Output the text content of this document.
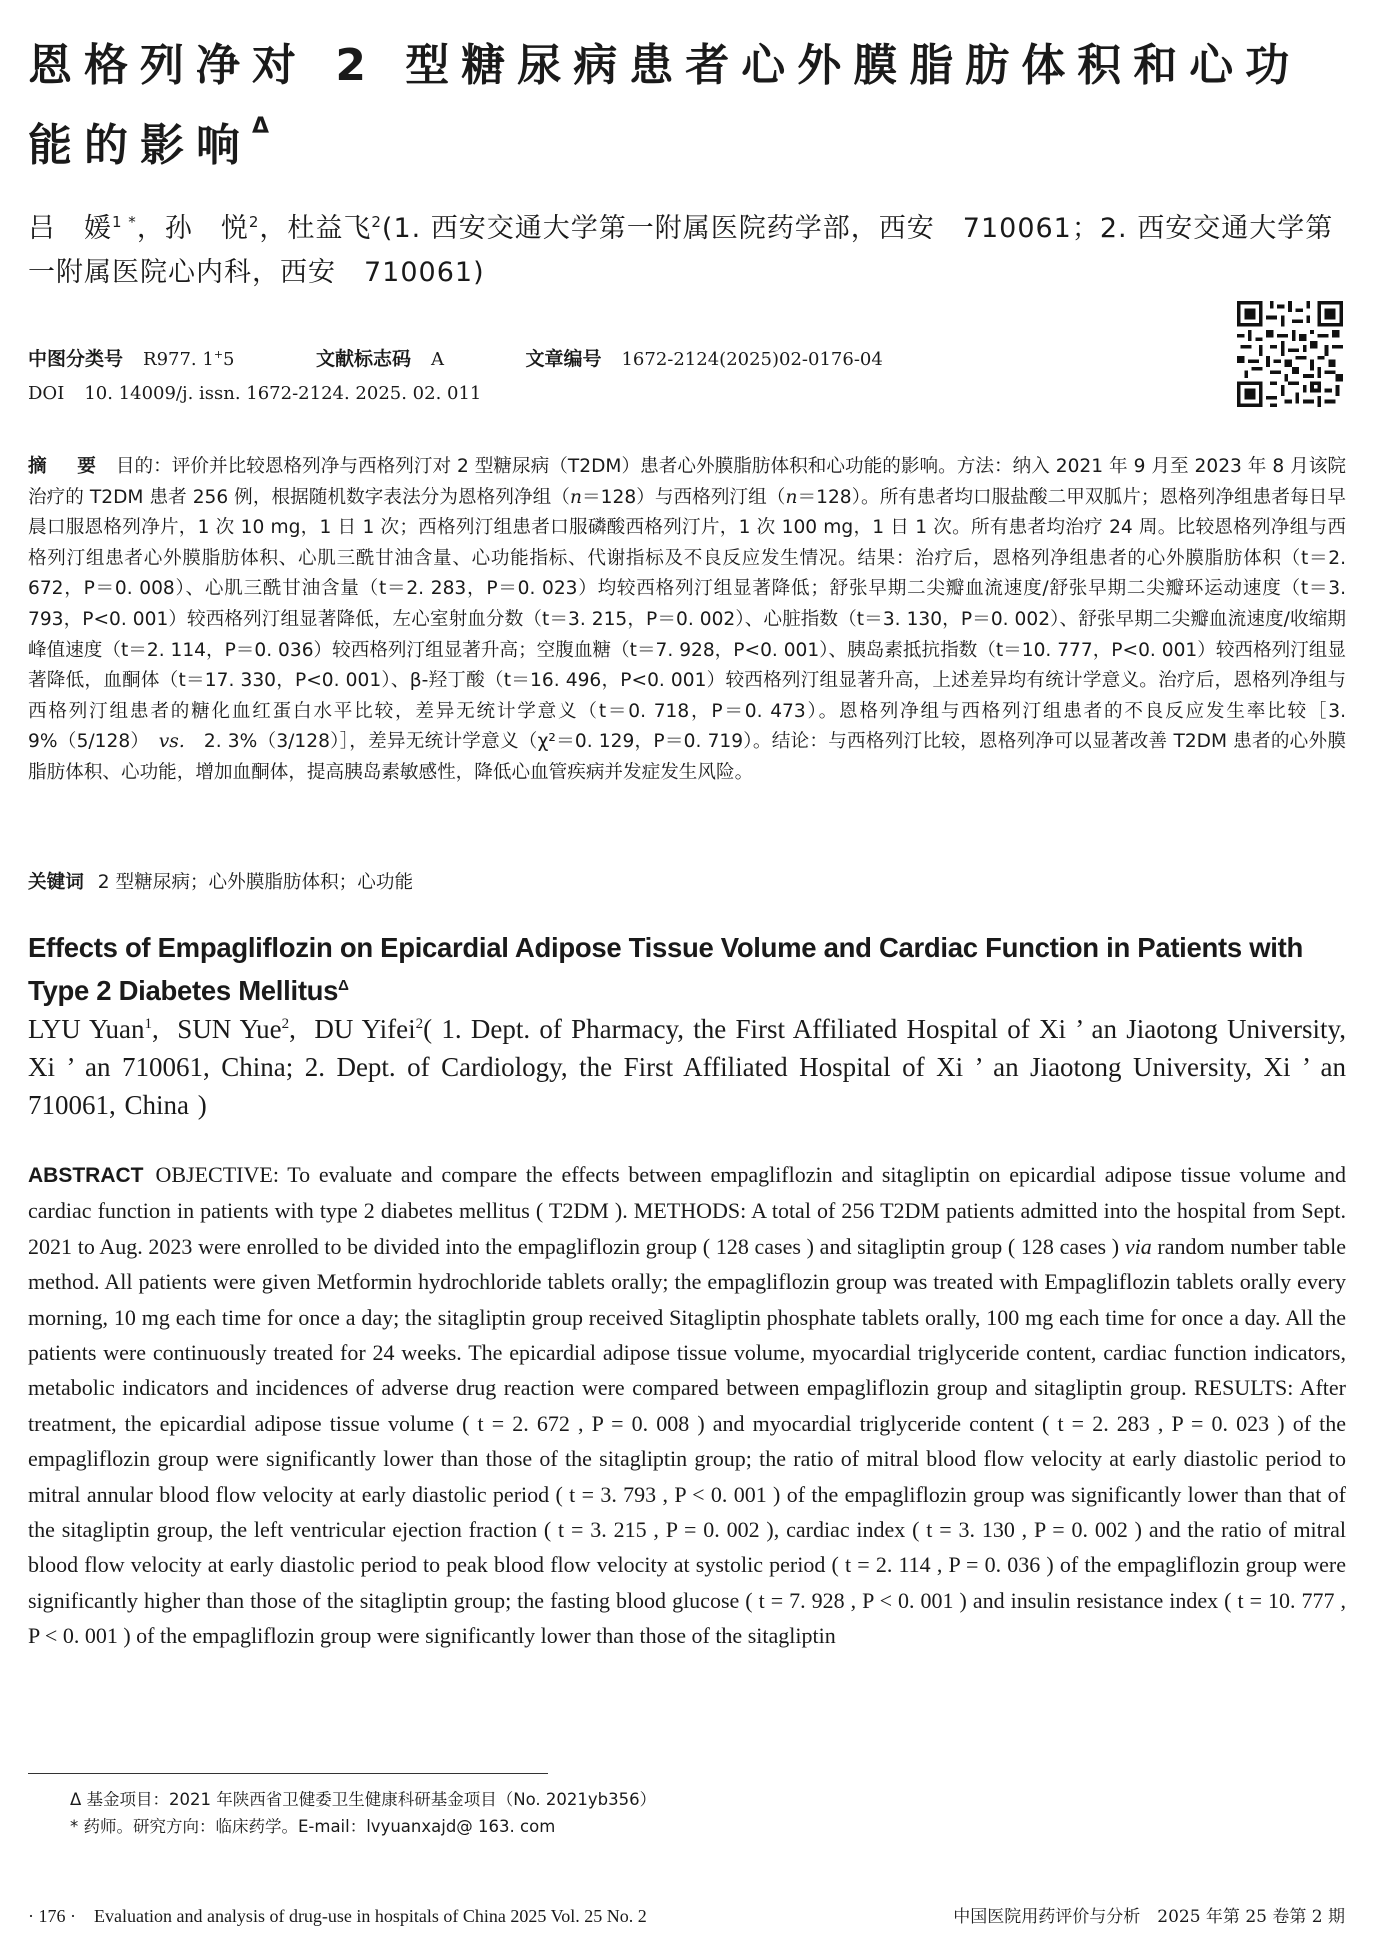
恩格列净对 2 型糖尿病患者心外膜脂肪体积和心功能的影响$^\Delta$
吕　媛$^{1 *}$，孙　悦$^2$，杜益飞$^2$(1. 西安交通大学第一附属医院药学部，西安　710061；2. 西安交通大学第一附属医院心内科，西安　710061)
中图分类号 R977. 1+5	文献标志码 A	文章编号 1672-2124(2025)02-0176-04
DOI 10. 14009/j. issn. 1672-2124. 2025. 02. 011
摘　要 目的：评价并比较恩格列净与西格列汀对 2 型糖尿病（T2DM）患者心外膜脂肪体积和心功能的影响。方法：纳入 2021 年 9 月至 2023 年 8 月该院治疗的 T2DM 患者 256 例，根据随机数字表法分为恩格列净组（n＝128）与西格列汀组（n＝128）。所有患者均口服盐酸二甲双胍片；恩格列净组患者每日早晨口服恩格列净片，1 次 10 mg，1 日 1 次；西格列汀组患者口服磷酸西格列汀片，1 次 100 mg，1 日 1 次。所有患者均治疗 24 周。比较恩格列净组与西格列汀组患者心外膜脂肪体积、心肌三酰甘油含量、心功能指标、代谢指标及不良反应发生情况。结果：治疗后，恩格列净组患者的心外膜脂肪体积（t＝2. 672，P＝0. 008）、心肌三酰甘油含量（t＝2. 283，P＝0. 023）均较西格列汀组显著降低；舒张早期二尖瓣血流速度/舒张早期二尖瓣环运动速度（t＝3. 793，P<0. 001）较西格列汀组显著降低，左心室射血分数（t＝3. 215，P＝0. 002）、心脏指数（t＝3. 130，P＝0. 002）、舒张早期二尖瓣血流速度/收缩期峰值速度（t＝2. 114，P＝0. 036）较西格列汀组显著升高；空腹血糖（t＝7. 928，P<0. 001）、胰岛素抵抗指数（t＝10. 777，P<0. 001）较西格列汀组显著降低，血酮体（t＝17. 330，P<0. 001）、β-羟丁酸（t＝16. 496，P<0. 001）较西格列汀组显著升高，上述差异均有统计学意义。治疗后，恩格列净组与西格列汀组患者的糖化血红蛋白水平比较，差异无统计学意义（t＝0. 718，P＝0. 473）。恩格列净组与西格列汀组患者的不良反应发生率比较［3. 9%（5/128）　 vs.　 2. 3%（3/128）］，差异无统计学意义（χ²＝0. 129，P＝0. 719）。结论：与西格列汀比较，恩格列净可以显著改善 T2DM 患者的心外膜脂肪体积、心功能，增加血酮体，提高胰岛素敏感性，降低心血管疾病并发症发生风险。
关键词 2 型糖尿病；心外膜脂肪体积；心功能
Effects of Empagliflozin on Epicardial Adipose Tissue Volume and Cardiac Function in Patients with Type 2 Diabetes Mellitus$^\Delta$
LYU Yuan$^1$,  SUN Yue$^2$,  DU Yifei$^2$( 1. Dept. of Pharmacy, the First Affiliated Hospital of Xi ’ an Jiaotong University, Xi ’ an 710061, China; 2. Dept. of Cardiology, the First Affiliated Hospital of Xi ’ an Jiaotong University, Xi ’ an 710061, China )
ABSTRACT OBJECTIVE: To evaluate and compare the effects between empagliflozin and sitagliptin on epicardial adipose tissue volume and cardiac function in patients with type 2 diabetes mellitus ( T2DM ). METHODS: A total of 256 T2DM patients admitted into the hospital from Sept. 2021 to Aug. 2023 were enrolled to be divided into the empagliflozin group ( 128 cases ) and sitagliptin group ( 128 cases ) via random number table method. All patients were given Metformin hydrochloride tablets orally; the empagliflozin group was treated with Empagliflozin tablets orally every morning, 10 mg each time for once a day; the sitagliptin group received Sitagliptin phosphate tablets orally, 100 mg each time for once a day. All the patients were continuously treated for 24 weeks. The epicardial adipose tissue volume, myocardial triglyceride content, cardiac function indicators, metabolic indicators and incidences of adverse drug reaction were compared between empagliflozin group and sitagliptin group. RESULTS: After treatment, the epicardial adipose tissue volume ( t = 2. 672 , P = 0. 008 ) and myocardial triglyceride content ( t = 2. 283 , P = 0. 023 ) of the empagliflozin group were significantly lower than those of the sitagliptin group; the ratio of mitral blood flow velocity at early diastolic period to mitral annular blood flow velocity at early diastolic period ( t = 3. 793 , P < 0. 001 ) of the empagliflozin group was significantly lower than that of the sitagliptin group, the left ventricular ejection fraction ( t = 3. 215 , P = 0. 002 ), cardiac index ( t = 3. 130 , P = 0. 002 ) and the ratio of mitral blood flow velocity at early diastolic period to peak blood flow velocity at systolic period ( t = 2. 114 , P = 0. 036 ) of the empagliflozin group were significantly higher than those of the sitagliptin group; the fasting blood glucose ( t = 7. 928 , P < 0. 001 ) and insulin resistance index ( t = 10. 777 , P < 0. 001 ) of the empagliflozin group were significantly lower than those of the sitagliptin
Δ 基金项目：2021 年陕西省卫健委卫生健康科研基金项目（No. 2021yb356）
* 药师。研究方向：临床药学。E-mail：lvyuanxajd@ 163. com
· 176 ·　Evaluation and analysis of drug-use in hospitals of China 2025 Vol. 25 No. 2	中国医院用药评价与分析　2025 年第 25 卷第 2 期
